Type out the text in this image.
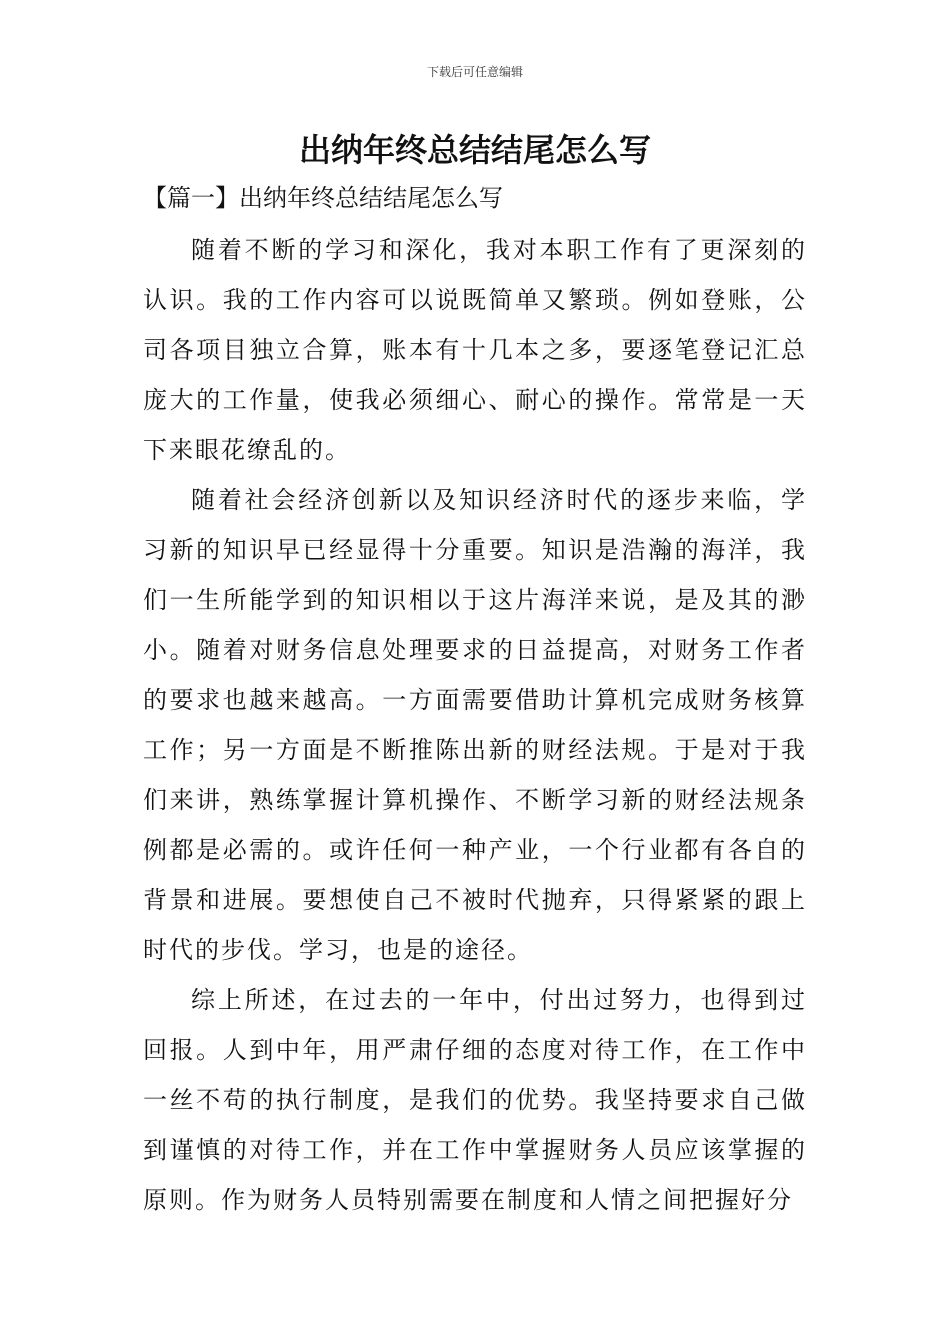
下载后可任意编辑
出纳年终总结结尾怎么写
【篇一】出纳年终总结结尾怎么写

随着不断的学习和深化，我对本职工作有了更深刻的认识。我的工作内容可以说既简单又繁琐。例如登账，公司各项目独立合算，账本有十几本之多，要逐笔登记汇总庞大的工作量，使我必须细心、耐心的操作。常常是一天下来眼花缭乱的。

随着社会经济创新以及知识经济时代的逐步来临，学习新的知识早已经显得十分重要。知识是浩瀚的海洋，我们一生所能学到的知识相以于这片海洋来说，是及其的渺小。随着对财务信息处理要求的日益提高，对财务工作者的要求也越来越高。一方面需要借助计算机完成财务核算工作；另一方面是不断推陈出新的财经法规。于是对于我们来讲，熟练掌握计算机操作、不断学习新的财经法规条例都是必需的。或许任何一种产业，一个行业都有各自的背景和进展。要想使自己不被时代抛弃，只得紧紧的跟上时代的步伐。学习，也是的途径。

综上所述，在过去的一年中，付出过努力，也得到过回报。人到中年，用严肃仔细的态度对待工作，在工作中一丝不苟的执行制度，是我们的优势。我坚持要求自己做到谨慎的对待工作，并在工作中掌握财务人员应该掌握的原则。作为财务人员特别需要在制度和人情之间把握好分
